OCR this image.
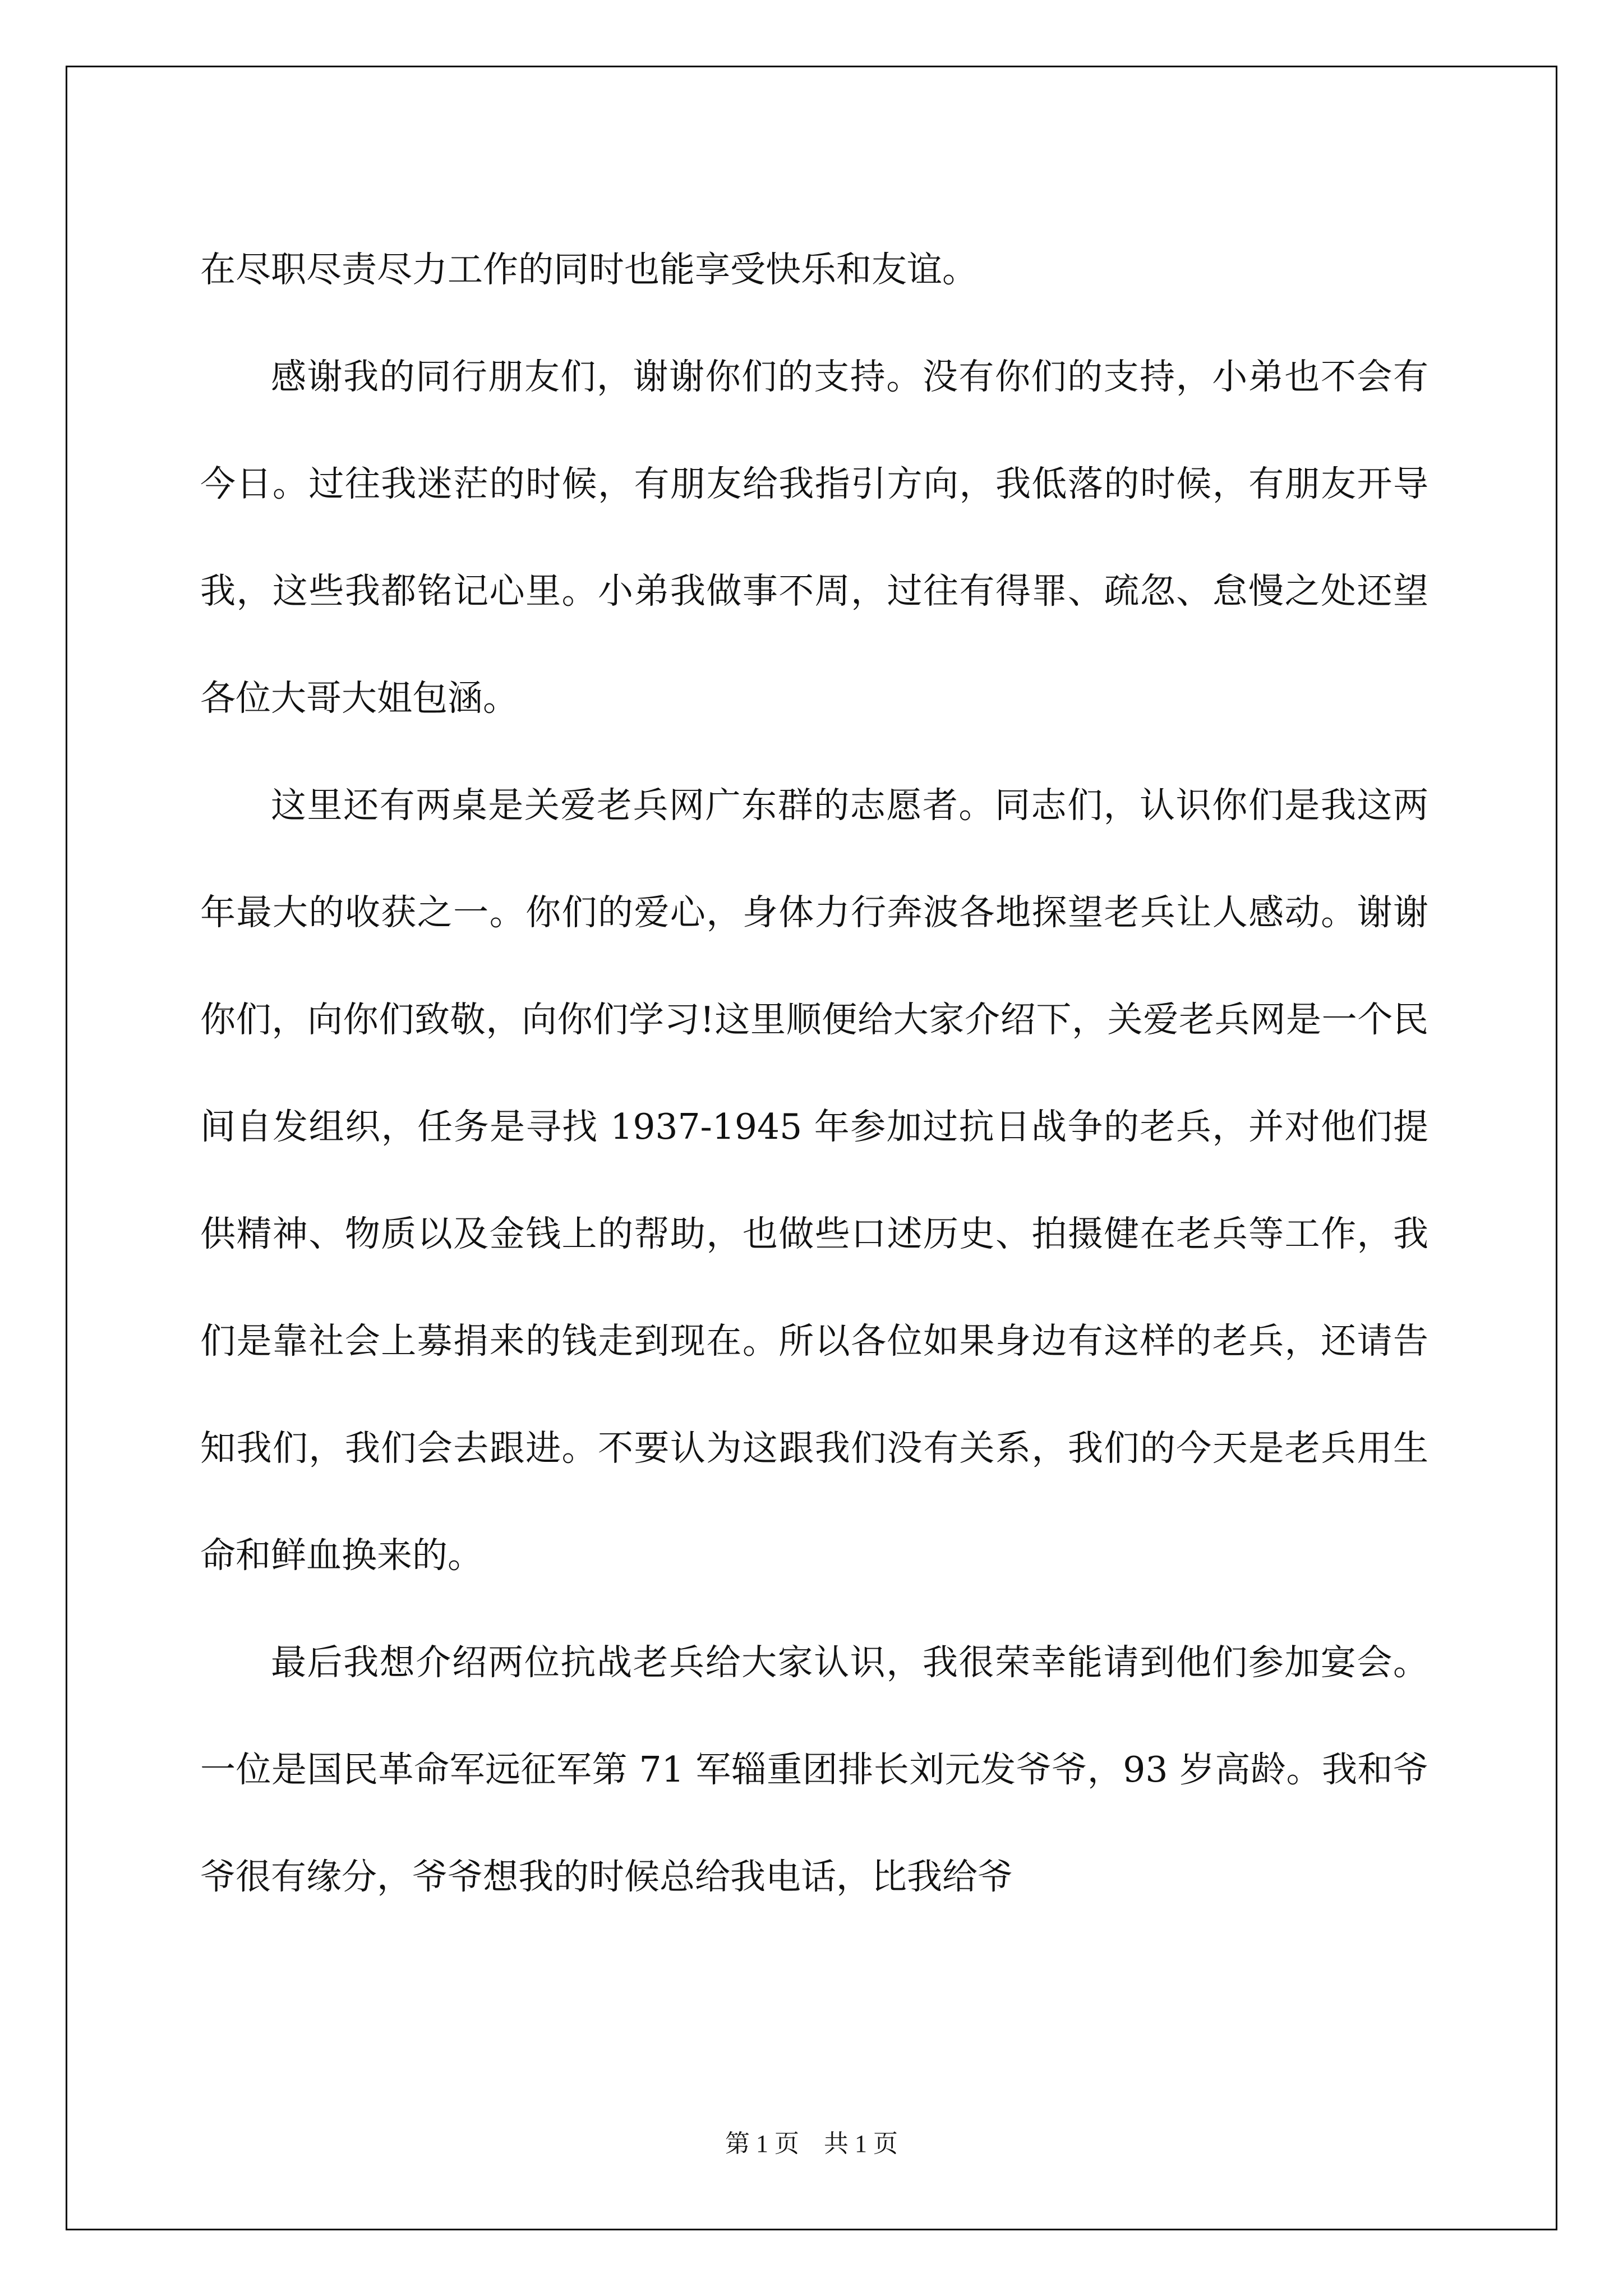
在尽职尽责尽力工作的同时也能享受快乐和友谊。

感谢我的同行朋友们，谢谢你们的支持。没有你们的支持，小弟也不会有今日。过往我迷茫的时候，有朋友给我指引方向，我低落的时候，有朋友开导我，这些我都铭记心里。小弟我做事不周，过往有得罪、疏忽、怠慢之处还望各位大哥大姐包涵。

这里还有两桌是关爱老兵网广东群的志愿者。同志们，认识你们是我这两年最大的收获之一。你们的爱心，身体力行奔波各地探望老兵让人感动。谢谢你们，向你们致敬，向你们学习!这里顺便给大家介绍下，关爱老兵网是一个民间自发组织，任务是寻找 1937-1945 年参加过抗日战争的老兵，并对他们提供精神、物质以及金钱上的帮助，也做些口述历史、拍摄健在老兵等工作，我们是靠社会上募捐来的钱走到现在。所以各位如果身边有这样的老兵，还请告知我们，我们会去跟进。不要认为这跟我们没有关系，我们的今天是老兵用生命和鲜血换来的。

最后我想介绍两位抗战老兵给大家认识，我很荣幸能请到他们参加宴会。一位是国民革命军远征军第 71 军辎重团排长刘元发爷爷，93 岁高龄。我和爷爷很有缘分，爷爷想我的时候总给我电话，比我给爷

第 1 页　共 1 页
